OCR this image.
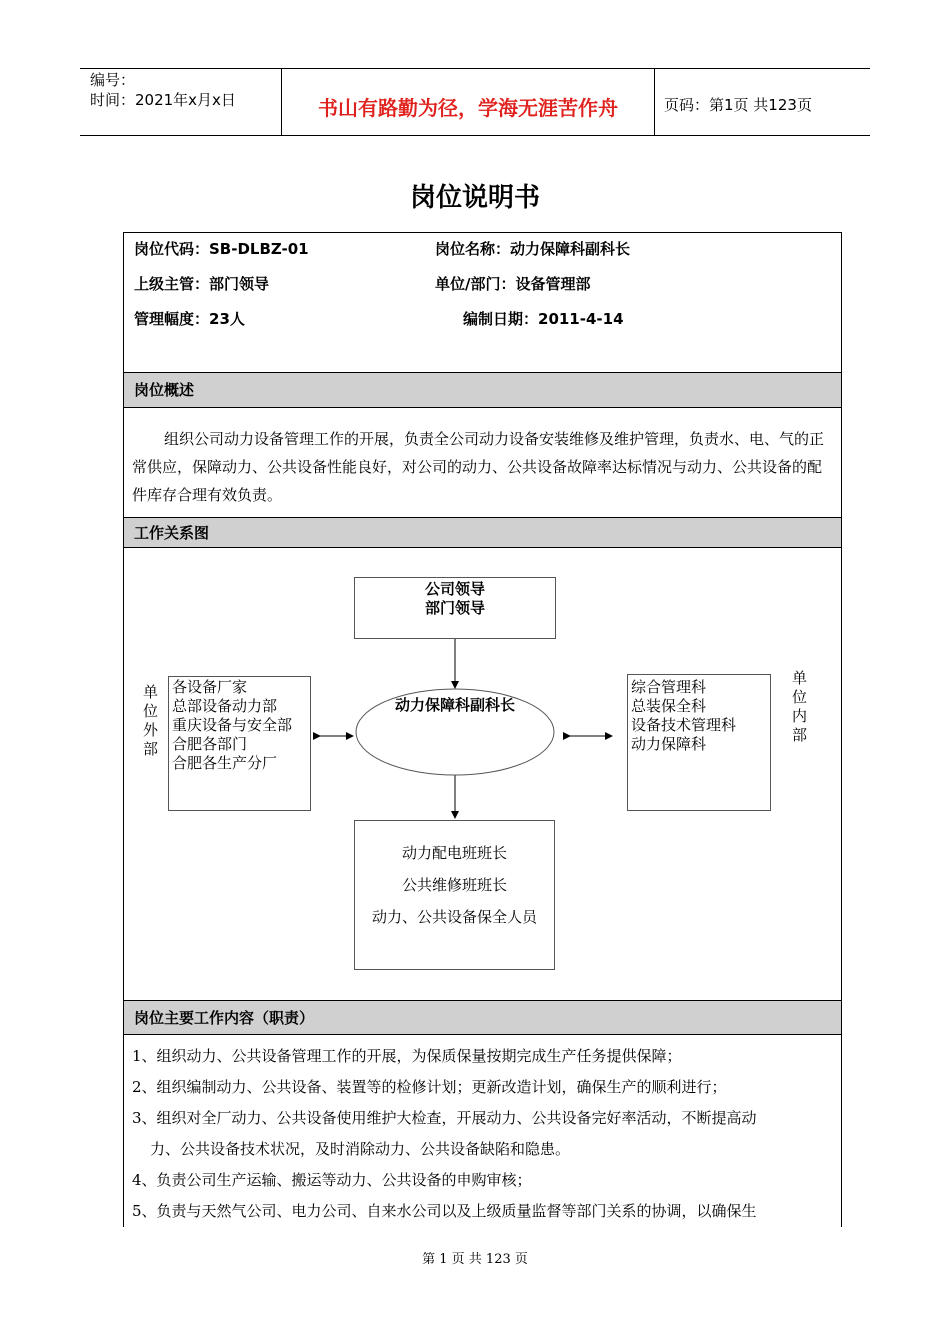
编号：
时间：2021年x月x日	书山有路勤为径，学海无涯苦作舟	页码：第1页 共123页
岗位说明书
岗位代码：SB-DLBZ-01	岗位名称：动力保障科副科长
上级主管：部门领导	单位/部门：设备管理部
管理幅度：23人	编制日期：2011-4-14
岗位概述
组织公司动力设备管理工作的开展，负责全公司动力设备安装维修及维护管理，负责水、电、气的正常供应，保障动力、公共设备性能良好，对公司的动力、公共设备故障率达标情况与动力、公共设备的配件库存合理有效负责。
工作关系图
公司领导
部门领导
动力保障科副科长
单
位
外
部
各设备厂家
总部设备动力部
重庆设备与安全部
合肥各部门
合肥各生产分厂
综合管理科
总装保全科
设备技术管理科
动力保障科
单
位
内
部
动力配电班班长
公共维修班班长
动力、公共设备保全人员
岗位主要工作内容（职责）
1、组织动力、公共设备管理工作的开展，为保质保量按期完成生产任务提供保障；
2、组织编制动力、公共设备、装置等的检修计划；更新改造计划，确保生产的顺利进行；
3、组织对全厂动力、公共设备使用维护大检查，开展动力、公共设备完好率活动，不断提高动
力、公共设备技术状况，及时消除动力、公共设备缺陷和隐患。
4、负责公司生产运输、搬运等动力、公共设备的申购审核；
5、负责与天然气公司、电力公司、自来水公司以及上级质量监督等部门关系的协调，以确保生
第 1 页 共 123 页
